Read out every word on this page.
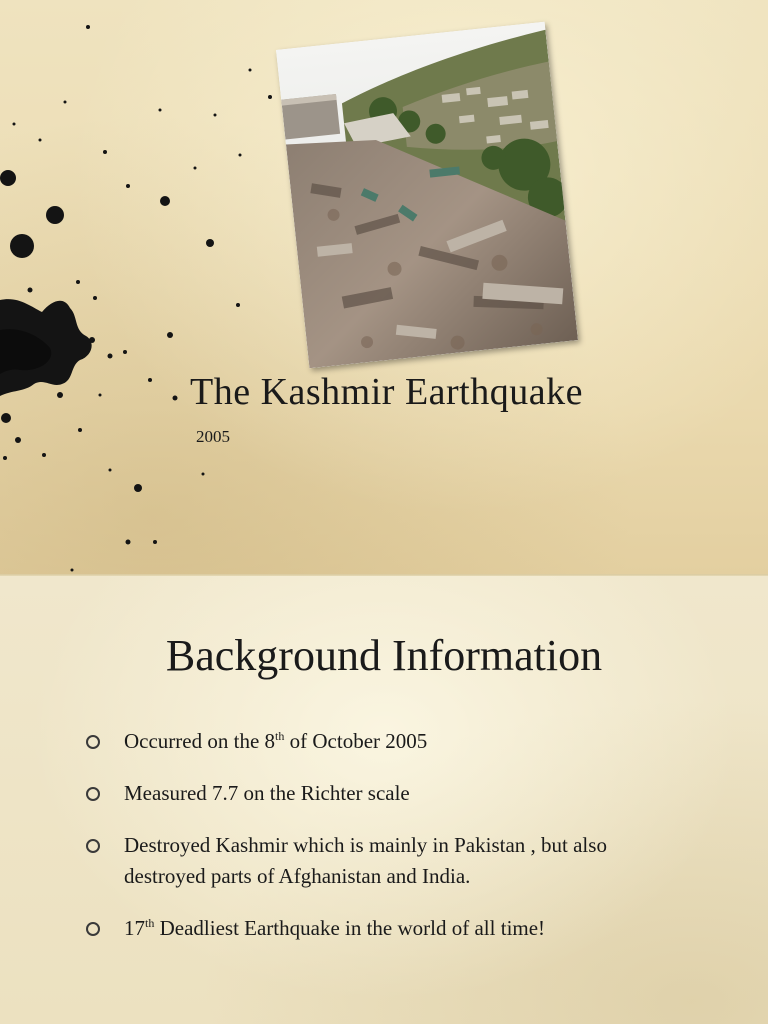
The Kashmir Earthquake
2005
Background Information
Occurred on the 8th of October 2005
Measured 7.7 on the Richter scale
Destroyed Kashmir which is mainly in Pakistan , but also destroyed parts of Afghanistan and India.
17th Deadliest Earthquake in the world of all time!
